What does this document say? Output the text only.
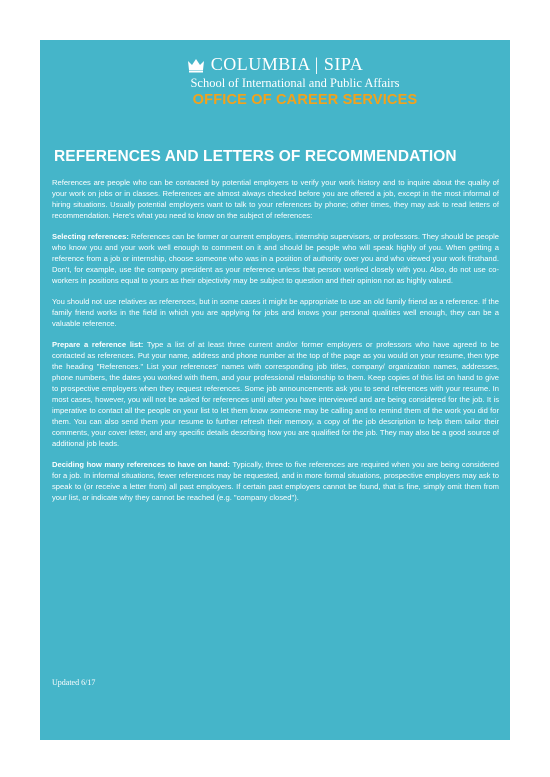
COLUMBIA | SIPA
School of International and Public Affairs
OFFICE OF CAREER SERVICES
REFERENCES AND LETTERS OF RECOMMENDATION

References are people who can be contacted by potential employers to verify your work history and to inquire about the quality of your work on jobs or in classes. References are almost always checked before you are offered a job, except in the most informal of hiring situations. Usually potential employers want to talk to your references by phone; other times, they may ask to read letters of recommendation. Here's what you need to know on the subject of references:

Selecting references: References can be former or current employers, internship supervisors, or professors. They should be people who know you and your work well enough to comment on it and should be people who will speak highly of you. When getting a reference from a job or internship, choose someone who was in a position of authority over you and who viewed your work firsthand. Don't, for example, use the company president as your reference unless that person worked closely with you. Also, do not use co-workers in positions equal to yours as their objectivity may be subject to question and their opinion not as highly valued.

You should not use relatives as references, but in some cases it might be appropriate to use an old family friend as a reference. If the family friend works in the field in which you are applying for jobs and knows your personal qualities well enough, they can be a valuable reference.

Prepare a reference list: Type a list of at least three current and/or former employers or professors who have agreed to be contacted as references. Put your name, address and phone number at the top of the page as you would on your resume, then type the heading "References." List your references' names with corresponding job titles, company/ organization names, addresses, phone numbers, the dates you worked with them, and your professional relationship to them. Keep copies of this list on hand to give to prospective employers when they request references. Some job announcements ask you to send references with your resume. In most cases, however, you will not be asked for references until after you have interviewed and are being considered for the job. It is imperative to contact all the people on your list to let them know someone may be calling and to remind them of the work you did for them. You can also send them your resume to further refresh their memory, a copy of the job description to help them tailor their comments, your cover letter, and any specific details describing how you are qualified for the job. They may also be a good source of additional job leads.

Deciding how many references to have on hand: Typically, three to five references are required when you are being considered for a job. In informal situations, fewer references may be requested, and in more formal situations, prospective employers may ask to speak to (or receive a letter from) all past employers. If certain past employers cannot be found, that is fine, simply omit them from your list, or indicate why they cannot be reached (e.g. "company closed").

Updated 6/17
